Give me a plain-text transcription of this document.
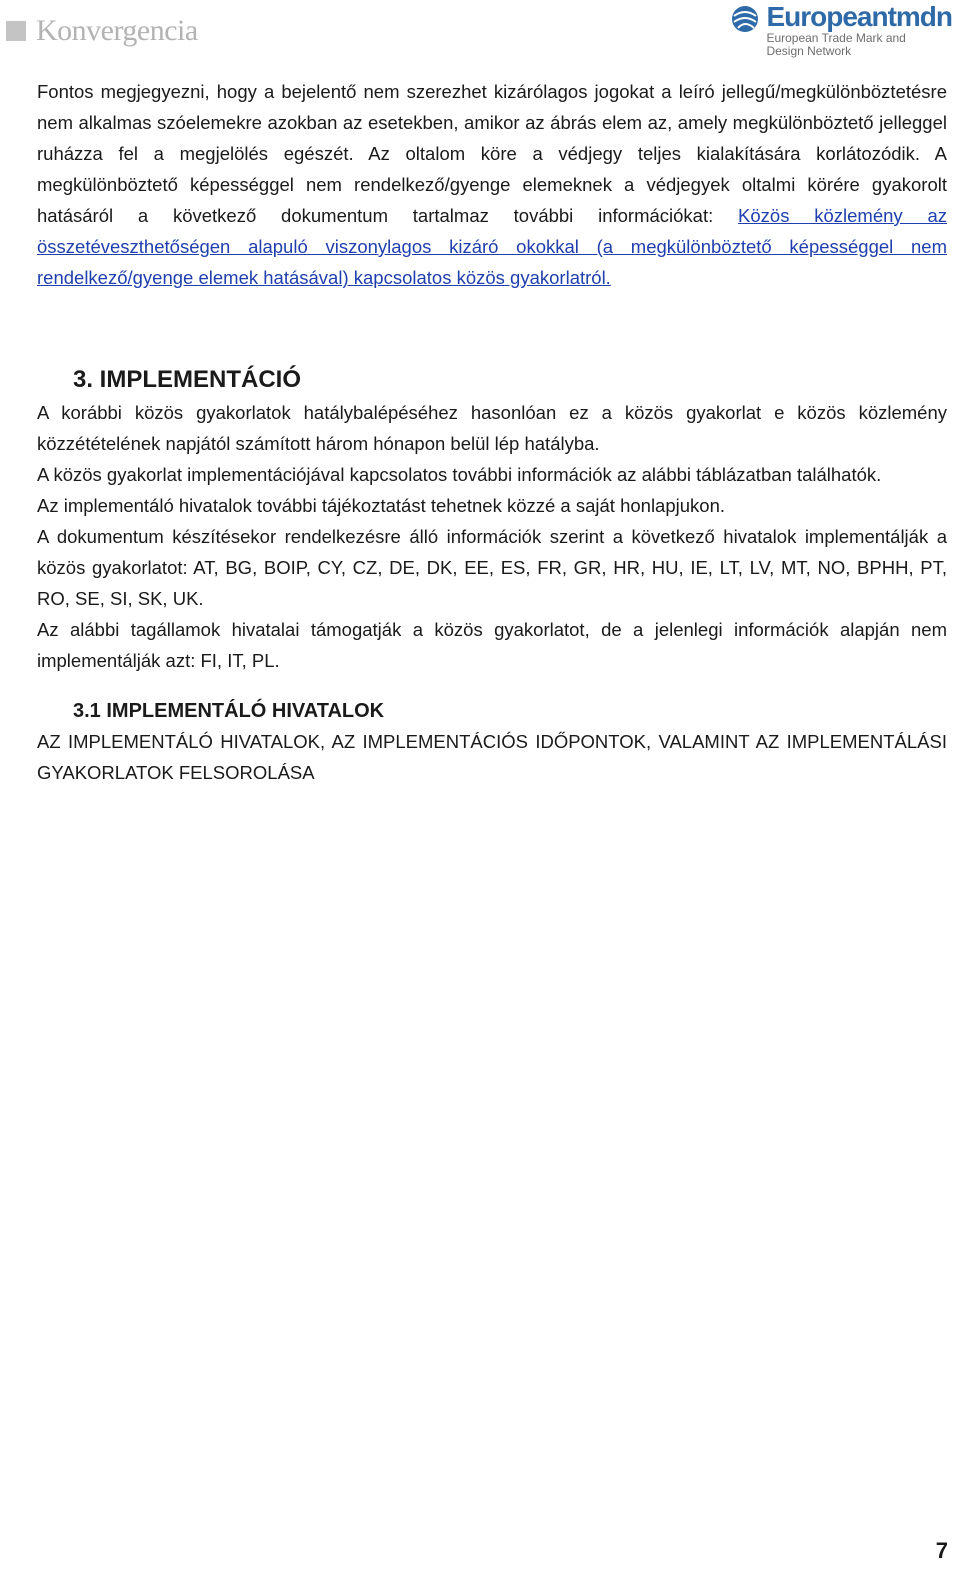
Konvergencia	Europeantmdn
European Trade Mark and
Design Network

Fontos megjegyezni, hogy a bejelentő nem szerezhet kizárólagos jogokat a leíró jellegű/megkülönböztetésre nem alkalmas szóelemekre azokban az esetekben, amikor az ábrás elem az, amely megkülönböztető jelleggel ruházza fel a megjelölés egészét. Az oltalom köre a védjegy teljes kialakítására korlátozódik. A megkülönböztető képességgel nem rendelkező/gyenge elemeknek a védjegyek oltalmi körére gyakorolt hatásáról a következő dokumentum tartalmaz további információkat: Közös közlemény az összetéveszthetőségen alapuló viszonylagos kizáró okokkal (a megkülönböztető képességgel nem rendelkező/gyenge elemek hatásával) kapcsolatos közös gyakorlatról.

3. IMPLEMENTÁCIÓ

A korábbi közös gyakorlatok hatálybalépéséhez hasonlóan ez a közös gyakorlat e közös közlemény közzétételének napjától számított három hónapon belül lép hatályba.

A közös gyakorlat implementációjával kapcsolatos további információk az alábbi táblázatban találhatók.

Az implementáló hivatalok további tájékoztatást tehetnek közzé a saját honlapjukon.

A dokumentum készítésekor rendelkezésre álló információk szerint a következő hivatalok implementálják a közös gyakorlatot: AT, BG, BOIP, CY, CZ, DE, DK, EE, ES, FR, GR, HR, HU, IE, LT, LV, MT, NO, BPHH, PT, RO, SE, SI, SK, UK.

Az alábbi tagállamok hivatalai támogatják a közös gyakorlatot, de a jelenlegi információk alapján nem implementálják azt: FI, IT, PL.

3.1 IMPLEMENTÁLÓ HIVATALOK

AZ IMPLEMENTÁLÓ HIVATALOK, AZ IMPLEMENTÁCIÓS IDŐPONTOK, VALAMINT AZ IMPLEMENTÁLÁSI GYAKORLATOK FELSOROLÁSA

7
